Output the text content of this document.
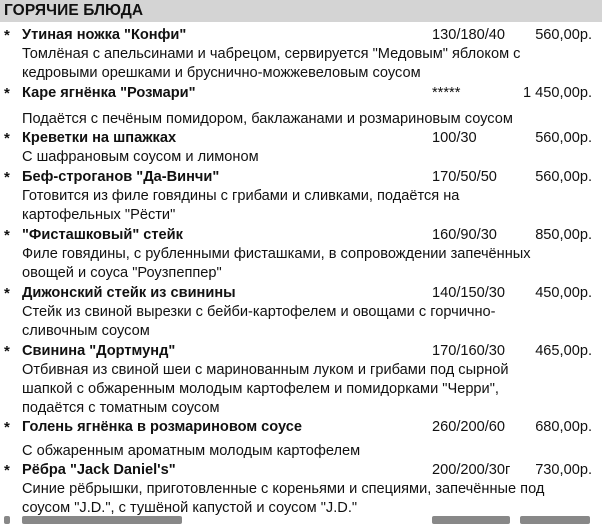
ГОРЯЧИЕ БЛЮДА
* Утиная ножка "Конфи"	130/180/40 560,00р.
Томлёная с апельсинами и чабрецом, сервируется "Медовым" яблоком с
кедровыми орешками и бруснично-можжевеловым соусом
* Каре ягнёнка "Розмари"	*****	1 450,00р.
Подаётся с печёным помидором, баклажанами и розмариновым соусом
* Креветки на шпажках	100/30	560,00р.
С шафрановым соусом и лимоном
* Беф-строганов "Да-Винчи"	170/50/50	560,00р.
Готовится из филе говядины с грибами и сливками, подаётся на
картофельных "Рёсти"
* "Фисташковый" стейк	160/90/30	850,00р.
Филе говядины, с рубленными фисташками, в сопровождении запечённых
овощей и соуса "Роузпеппер"
* Дижонский стейк из свинины	140/150/30 450,00р.
Стейк из свиной вырезки с бейби-картофелем и овощами с горчично-
сливочным соусом
* Свинина "Дортмунд"	170/160/30 465,00р.
Отбивная из свиной шеи с маринованным луком и грибами под сырной
шапкой с обжаренным молодым картофелем и помидорками "Черри",
подаётся с томатным соусом
* Голень ягнёнка в розмариновом соусе	260/200/60 680,00р.
С обжаренным ароматным молодым картофелем
* Рёбра "Jack Daniel's"	200/200/30г 730,00р.
Синие рёбрышки, приготовленные с кореньями и специями, запечённые под
соусом "J.D.", с тушёной капустой и соусом "J.D."
